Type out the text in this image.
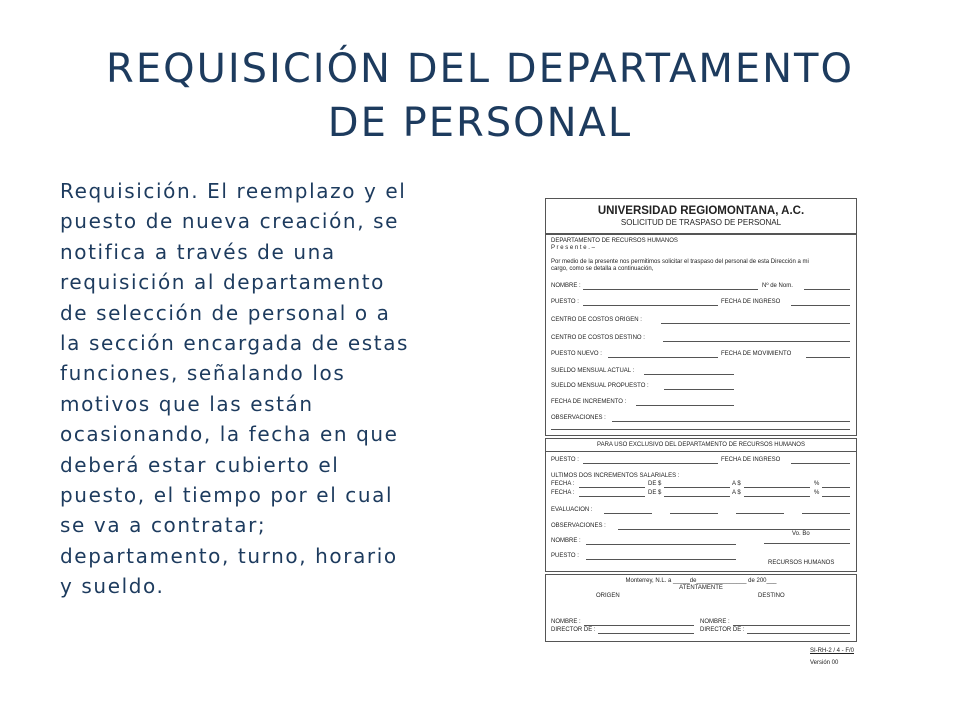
REQUISICIÓN DEL DEPARTAMENTO
DE PERSONAL
Requisición. El reemplazo y el
puesto de nueva creación, se
notifica a través de una
requisición al departamento
de selección de personal o a
la sección encargada de estas
funciones, señalando los
motivos que las están
ocasionando, la fecha en que
deberá estar cubierto el
puesto, el tiempo por el cual
se va a contratar;
departamento, turno, horario
y sueldo.
UNIVERSIDAD REGIOMONTANA, A.C.
SOLICITUD DE TRASPASO DE PERSONAL
DEPARTAMENTO DE RECURSOS HUMANOS
P r e s e n t e . –
Por medio de la presente nos permitimos solicitar el traspaso del personal de esta Dirección a mi
cargo, como se detalla a continuación,
NOMBRE :	Nº de Nom.
PUESTO :	FECHA DE INGRESO
CENTRO DE COSTOS ORIGEN :
CENTRO DE COSTOS DESTINO :
PUESTO NUEVO :	FECHA DE MOVIMIENTO
SUELDO MENSUAL ACTUAL :
SUELDO MENSUAL PROPUESTO :
FECHA DE INCREMENTO :
OBSERVACIONES :
PARA USO EXCLUSIVO DEL DEPARTAMENTO DE RECURSOS HUMANOS
PUESTO :	FECHA DE INGRESO
ULTIMOS DOS INCREMENTOS SALARIALES :
FECHA :	DE $	A $	%
FECHA :	DE $	A $	%
EVALUACION :
OBSERVACIONES :
Vo. Bo
NOMBRE :
PUESTO :
RECURSOS HUMANOS
Monterrey, N.L. a _____de_______________ de 200___
ATENTAMENTE
ORIGEN	DESTINO
NOMBRE :	NOMBRE :
DIRECTOR DE :	DIRECTOR DE :
SI-RH-2 / 4 - F/0
Versión 00
